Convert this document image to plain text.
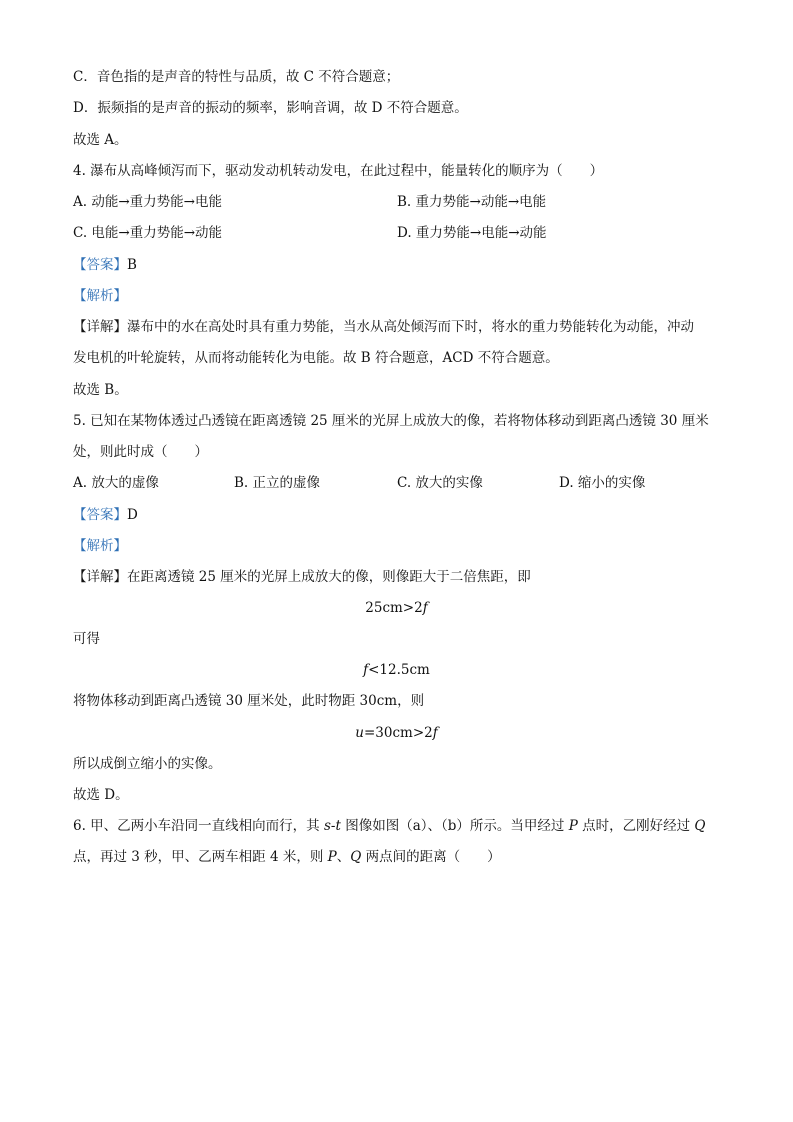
C．音色指的是声音的特性与品质，故 C 不符合题意；
D．振频指的是声音的振动的频率，影响音调，故 D 不符合题意。
故选 A。
4. 瀑布从高峰倾泻而下，驱动发动机转动发电，在此过程中，能量转化的顺序为（　　）
A. 动能→重力势能→电能	B. 重力势能→动能→电能
C. 电能→重力势能→动能	D. 重力势能→电能→动能
【答案】B
【解析】
【详解】瀑布中的水在高处时具有重力势能，当水从高处倾泻而下时，将水的重力势能转化为动能，冲动
发电机的叶轮旋转，从而将动能转化为电能。故 B 符合题意，ACD 不符合题意。
故选 B。
5. 已知在某物体透过凸透镜在距离透镜 25 厘米的光屏上成放大的像，若将物体移动到距离凸透镜 30 厘米
处，则此时成（　　）
A. 放大的虚像	B. 正立的虚像	C. 放大的实像	D. 缩小的实像
【答案】D
【解析】
【详解】在距离透镜 25 厘米的光屏上成放大的像，则像距大于二倍焦距，即
25cm>2f
可得
f<12.5cm
将物体移动到距离凸透镜 30 厘米处，此时物距 30cm，则
u=30cm>2f
所以成倒立缩小的实像。
故选 D。
6. 甲、乙两小车沿同一直线相向而行，其 s-t 图像如图（a）、（b）所示。当甲经过 P 点时，乙刚好经过 Q
点，再过 3 秒，甲、乙两车相距 4 米，则 P、Q 两点间的距离（　　）
